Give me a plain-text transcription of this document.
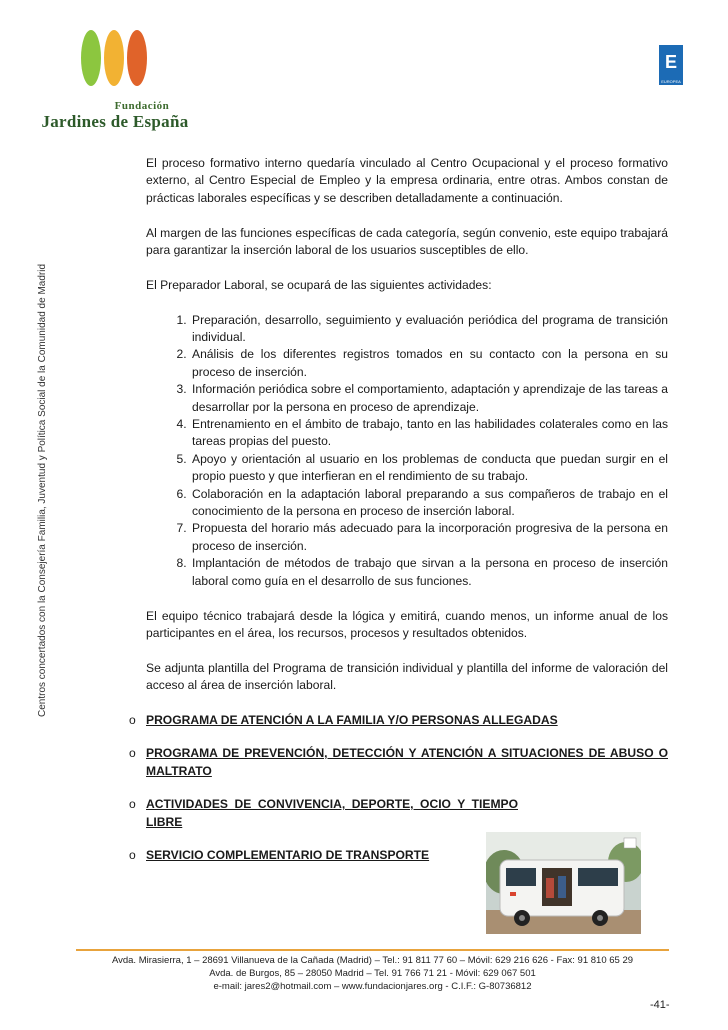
Fundación
Jardines de España
E
EUROPEA
Centros concertados con la Consejería Familia, Juventud y Política Social de la Comunidad de Madrid

El proceso formativo interno quedaría vinculado al Centro Ocupacional y el proceso formativo externo, al Centro Especial de Empleo y la empresa ordinaria, entre otras. Ambos constan de prácticas laborales específicas y se describen detalladamente a continuación.

Al margen de las funciones específicas de cada categoría, según convenio, este equipo trabajará para garantizar la inserción laboral de los usuarios susceptibles de ello.

El Preparador Laboral, se ocupará de las siguientes actividades:

1. Preparación, desarrollo, seguimiento y evaluación periódica del programa de transición individual.
2. Análisis de los diferentes registros tomados en su contacto con la persona en su proceso de inserción.
3. Información periódica sobre el comportamiento, adaptación y aprendizaje de las tareas a desarrollar por la persona en proceso de aprendizaje.
4. Entrenamiento en el ámbito de trabajo, tanto en las habilidades colaterales como en las tareas propias del puesto.
5. Apoyo y orientación al usuario en los problemas de conducta que puedan surgir en el propio puesto y que interfieran en el rendimiento de su trabajo.
6. Colaboración en la adaptación laboral preparando a sus compañeros de trabajo en el conocimiento de la persona en proceso de inserción laboral.
7. Propuesta del horario más adecuado para la incorporación progresiva de la persona en proceso de inserción.
8. Implantación de métodos de trabajo que sirvan a la persona en proceso de inserción laboral como guía en el desarrollo de sus funciones.

El equipo técnico trabajará desde la lógica y emitirá, cuando menos, un informe anual de los participantes en el área, los recursos, procesos y resultados obtenidos.

Se adjunta plantilla del Programa de transición individual y plantilla del informe de valoración del acceso al área de inserción laboral.

o PROGRAMA DE ATENCIÓN A LA FAMILIA Y/O PERSONAS ALLEGADAS
o PROGRAMA DE PREVENCIÓN, DETECCIÓN Y ATENCIÓN A SITUACIONES DE ABUSO O MALTRATO
o ACTIVIDADES DE CONVIVENCIA, DEPORTE, OCIO Y TIEMPO LIBRE
o SERVICIO COMPLEMENTARIO DE TRANSPORTE
Avda. Mirasierra, 1 – 28691 Villanueva de la Cañada (Madrid) – Tel.: 91 811 77 60 – Móvil: 629 216 626 - Fax: 91 810 65 29
Avda. de Burgos, 85 – 28050 Madrid – Tel. 91 766 71 21 - Móvil: 629 067 501
e-mail: jares2@hotmail.com – www.fundacionjares.org - C.I.F.: G-80736812
-41-
